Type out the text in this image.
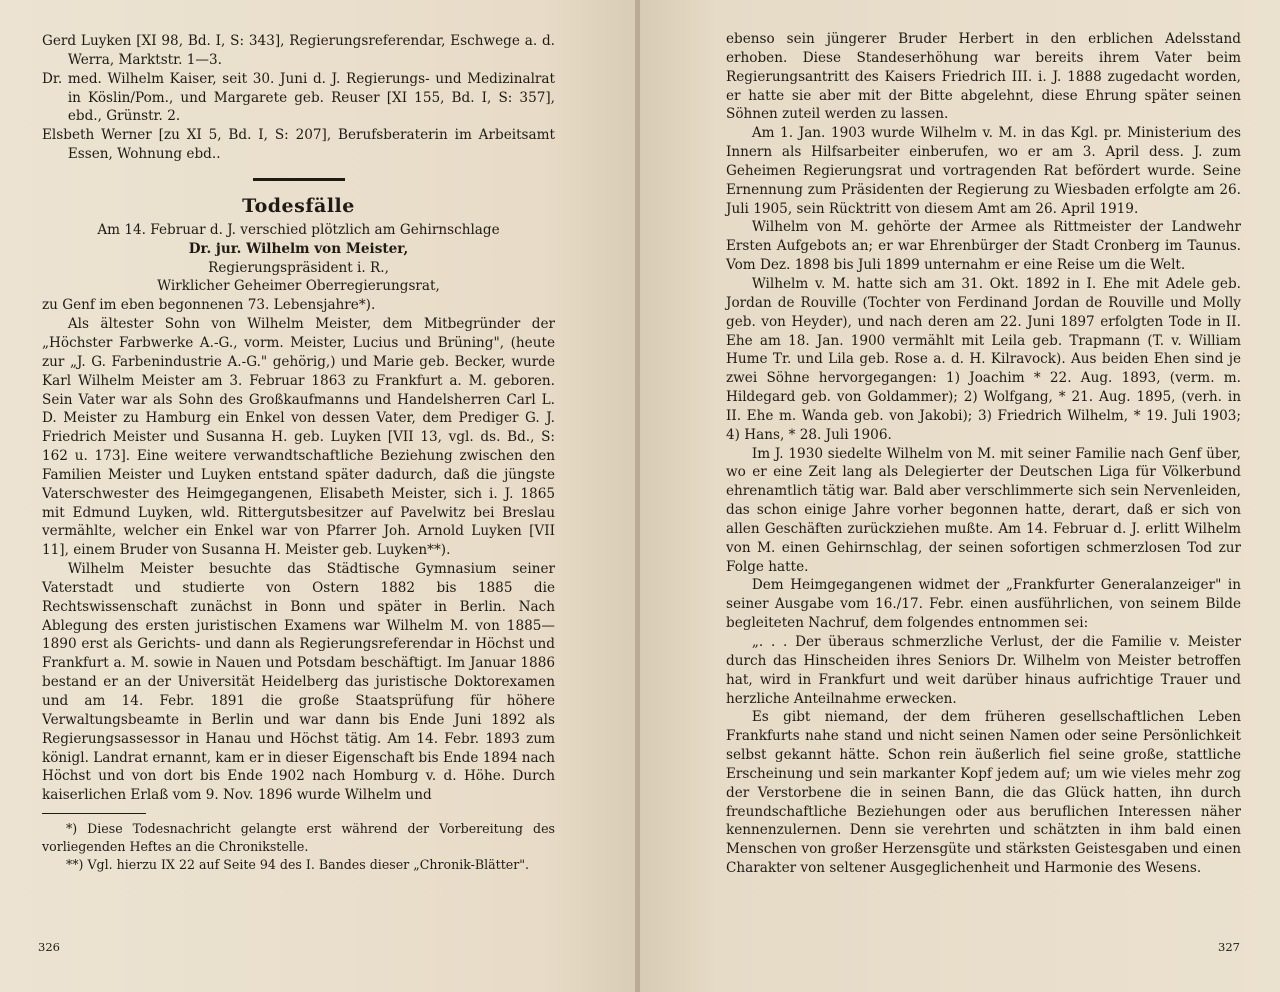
Gerd Luyken [XI 98, Bd. I, S: 343], Regierungsreferendar, Eschwege a. d. Werra, Marktstr. 1—3.

Dr. med. Wilhelm Kaiser, seit 30. Juni d. J. Regierungs- und Medizinalrat in Köslin/Pom., und Margarete geb. Reuser [XI 155, Bd. I, S: 357], ebd., Grünstr. 2.

Elsbeth Werner [zu XI 5, Bd. I, S: 207], Berufsberaterin im Arbeitsamt Essen, Wohnung ebd..

Todesfälle

Am 14. Februar d. J. verschied plötzlich am Gehirnschlage

Dr. jur. Wilhelm von Meister,

Regierungspräsident i. R.,

Wirklicher Geheimer Oberregierungsrat,

zu Genf im eben begonnenen 73. Lebensjahre*).

Als ältester Sohn von Wilhelm Meister, dem Mitbegründer der „Höchster Farbwerke A.-G., vorm. Meister, Lucius und Brüning", (heute zur „J. G. Farbenindustrie A.-G." gehörig,) und Marie geb. Becker, wurde Karl Wilhelm Meister am 3. Februar 1863 zu Frankfurt a. M. geboren. Sein Vater war als Sohn des Großkaufmanns und Handelsherren Carl L. D. Meister zu Hamburg ein Enkel von dessen Vater, dem Prediger G. J. Friedrich Meister und Susanna H. geb. Luyken [VII 13, vgl. ds. Bd., S: 162 u. 173]. Eine weitere verwandtschaftliche Beziehung zwischen den Familien Meister und Luyken entstand später dadurch, daß die jüngste Vaterschwester des Heimgegangenen, Elisabeth Meister, sich i. J. 1865 mit Edmund Luyken, wld. Rittergutsbesitzer auf Pavelwitz bei Breslau vermählte, welcher ein Enkel war von Pfarrer Joh. Arnold Luyken [VII 11], einem Bruder von Susanna H. Meister geb. Luyken**).

Wilhelm Meister besuchte das Städtische Gymnasium seiner Vaterstadt und studierte von Ostern 1882 bis 1885 die Rechtswissenschaft zunächst in Bonn und später in Berlin. Nach Ablegung des ersten juristischen Examens war Wilhelm M. von 1885—1890 erst als Gerichts- und dann als Regierungsreferendar in Höchst und Frankfurt a. M. sowie in Nauen und Potsdam beschäftigt. Im Januar 1886 bestand er an der Universität Heidelberg das juristische Doktorexamen und am 14. Febr. 1891 die große Staatsprüfung für höhere Verwaltungsbeamte in Berlin und war dann bis Ende Juni 1892 als Regierungsassessor in Hanau und Höchst tätig. Am 14. Febr. 1893 zum königl. Landrat ernannt, kam er in dieser Eigenschaft bis Ende 1894 nach Höchst und von dort bis Ende 1902 nach Homburg v. d. Höhe. Durch kaiserlichen Erlaß vom 9. Nov. 1896 wurde Wilhelm und

*) Diese Todesnachricht gelangte erst während der Vorbereitung des vorliegenden Heftes an die Chronikstelle.

**) Vgl. hierzu IX 22 auf Seite 94 des I. Bandes dieser „Chronik-Blätter".

326

ebenso sein jüngerer Bruder Herbert in den erblichen Adelsstand erhoben. Diese Standeserhöhung war bereits ihrem Vater beim Regierungsantritt des Kaisers Friedrich III. i. J. 1888 zugedacht worden, er hatte sie aber mit der Bitte abgelehnt, diese Ehrung später seinen Söhnen zuteil werden zu lassen.

Am 1. Jan. 1903 wurde Wilhelm v. M. in das Kgl. pr. Ministerium des Innern als Hilfsarbeiter einberufen, wo er am 3. April dess. J. zum Geheimen Regierungsrat und vortragenden Rat befördert wurde. Seine Ernennung zum Präsidenten der Regierung zu Wiesbaden erfolgte am 26. Juli 1905, sein Rücktritt von diesem Amt am 26. April 1919.

Wilhelm von M. gehörte der Armee als Rittmeister der Landwehr Ersten Aufgebots an; er war Ehrenbürger der Stadt Cronberg im Taunus. Vom Dez. 1898 bis Juli 1899 unternahm er eine Reise um die Welt.

Wilhelm v. M. hatte sich am 31. Okt. 1892 in I. Ehe mit Adele geb. Jordan de Rouville (Tochter von Ferdinand Jordan de Rouville und Molly geb. von Heyder), und nach deren am 22. Juni 1897 erfolgten Tode in II. Ehe am 18. Jan. 1900 vermählt mit Leila geb. Trapmann (T. v. William Hume Tr. und Lila geb. Rose a. d. H. Kilravock). Aus beiden Ehen sind je zwei Söhne hervorgegangen: 1) Joachim * 22. Aug. 1893, (verm. m. Hildegard geb. von Goldammer); 2) Wolfgang, * 21. Aug. 1895, (verh. in II. Ehe m. Wanda geb. von Jakobi); 3) Friedrich Wilhelm, * 19. Juli 1903; 4) Hans, * 28. Juli 1906.

Im J. 1930 siedelte Wilhelm von M. mit seiner Familie nach Genf über, wo er eine Zeit lang als Delegierter der Deutschen Liga für Völkerbund ehrenamtlich tätig war. Bald aber verschlimmerte sich sein Nervenleiden, das schon einige Jahre vorher begonnen hatte, derart, daß er sich von allen Geschäften zurückziehen mußte. Am 14. Februar d. J. erlitt Wilhelm von M. einen Gehirnschlag, der seinen sofortigen schmerzlosen Tod zur Folge hatte.

Dem Heimgegangenen widmet der „Frankfurter Generalanzeiger" in seiner Ausgabe vom 16./17. Febr. einen ausführlichen, von seinem Bilde begleiteten Nachruf, dem folgendes entnommen sei:

„. . . Der überaus schmerzliche Verlust, der die Familie v. Meister durch das Hinscheiden ihres Seniors Dr. Wilhelm von Meister betroffen hat, wird in Frankfurt und weit darüber hinaus aufrichtige Trauer und herzliche Anteilnahme erwecken.

Es gibt niemand, der dem früheren gesellschaftlichen Leben Frankfurts nahe stand und nicht seinen Namen oder seine Persönlichkeit selbst gekannt hätte. Schon rein äußerlich fiel seine große, stattliche Erscheinung und sein markanter Kopf jedem auf; um wie vieles mehr zog der Verstorbene die in seinen Bann, die das Glück hatten, ihn durch freundschaftliche Beziehungen oder aus beruflichen Interessen näher kennenzulernen. Denn sie verehrten und schätzten in ihm bald einen Menschen von großer Herzensgüte und stärksten Geistesgaben und einen Charakter von seltener Ausgeglichenheit und Harmonie des Wesens.

327
